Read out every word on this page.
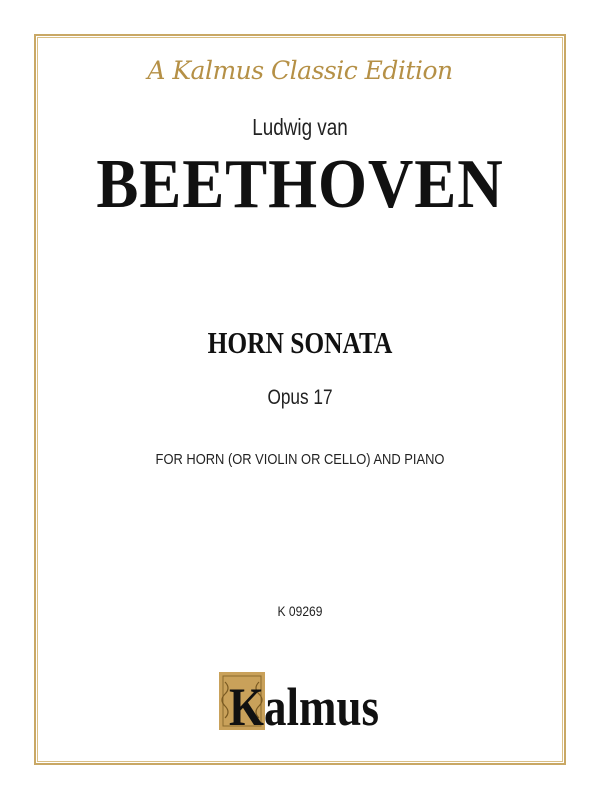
A Kalmus Classic Edition
Ludwig van
BEETHOVEN
HORN SONATA
Opus 17
FOR HORN (OR VIOLIN OR CELLO) AND PIANO
K 09269
Kalmus
